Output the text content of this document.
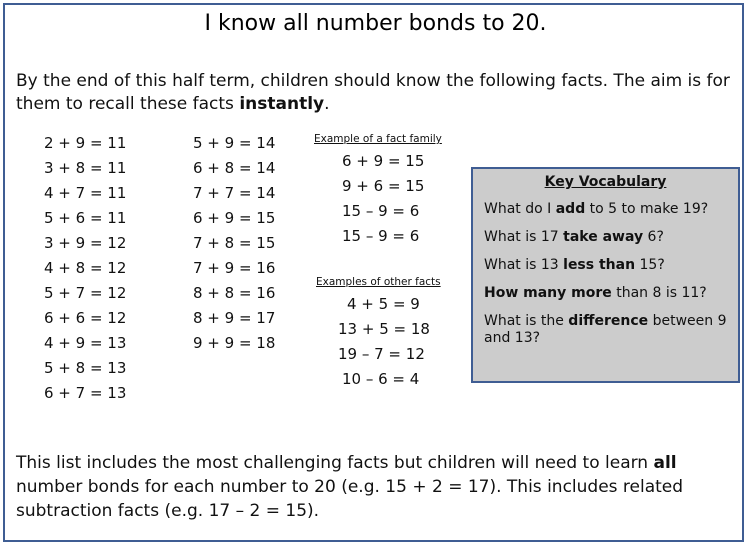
I know all number bonds to 20.

By the end of this half term, children should know the following facts. The aim is for them to recall these facts instantly.

2 + 9 = 11
3 + 8 = 11
4 + 7 = 11
5 + 6 = 11
3 + 9 = 12
4 + 8 = 12
5 + 7 = 12
6 + 6 = 12
4 + 9 = 13
5 + 8 = 13
6 + 7 = 13
5 + 9 = 14
6 + 8 = 14
7 + 7 = 14
6 + 9 = 15
7 + 8 = 15
7 + 9 = 16
8 + 8 = 16
8 + 9 = 17
9 + 9 = 18
Example of a fact family
6 + 9 = 15
9 + 6 = 15
15 – 9 = 6
15 – 9 = 6
Examples of other facts
4 + 5 = 9
13 + 5 = 18
19 – 7 = 12
10 – 6 = 4
Key Vocabulary
What do I add to 5 to make 19?
What is 17 take away 6?
What is 13 less than 15?
How many more than 8 is 11?
What is the difference between 9 and 13?

This list includes the most challenging facts but children will need to learn all number bonds for each number to 20 (e.g. 15 + 2 = 17). This includes related subtraction facts (e.g. 17 – 2 = 15).
